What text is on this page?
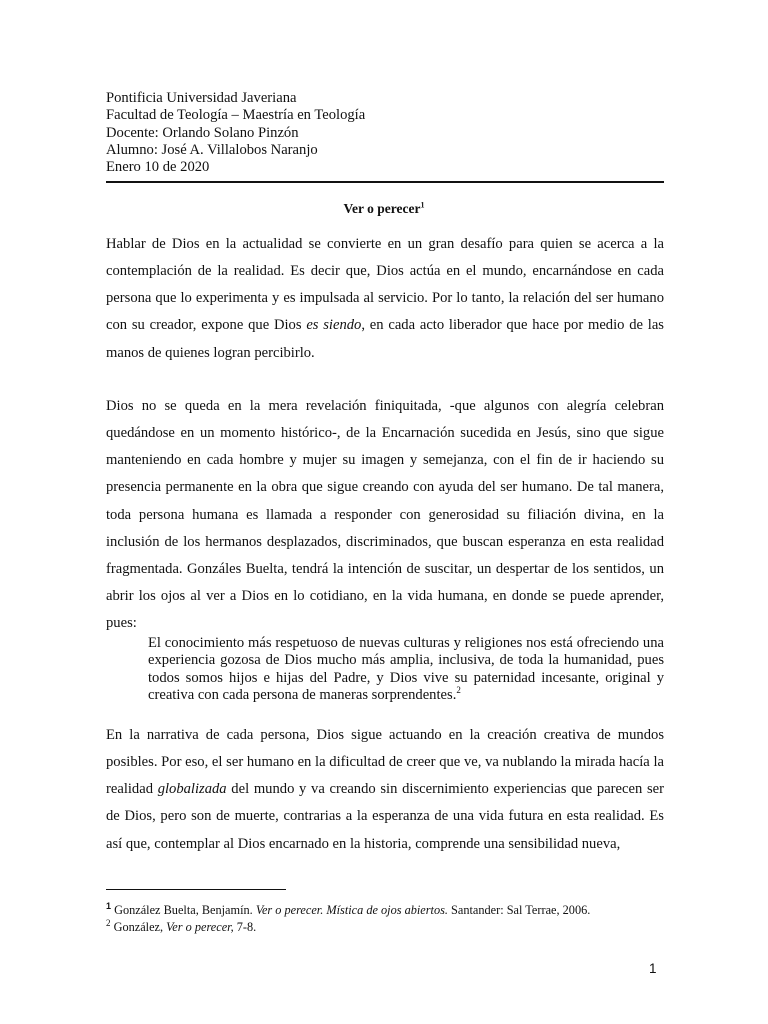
Pontificia Universidad Javeriana
Facultad de Teología – Maestría en Teología
Docente: Orlando Solano Pinzón
Alumno: José A. Villalobos Naranjo
Enero 10 de 2020
Ver o perecer$^1$

Hablar de Dios en la actualidad se convierte en un gran desafío para quien se acerca a la contemplación de la realidad. Es decir que, Dios actúa en el mundo, encarnándose en cada persona que lo experimenta y es impulsada al servicio. Por lo tanto, la relación del ser humano con su creador, expone que Dios es siendo, en cada acto liberador que hace por medio de las manos de quienes logran percibirlo.

Dios no se queda en la mera revelación finiquitada, -que algunos con alegría celebran quedándose en un momento histórico-, de la Encarnación sucedida en Jesús, sino que sigue manteniendo en cada hombre y mujer su imagen y semejanza, con el fin de ir haciendo su presencia permanente en la obra que sigue creando con ayuda del ser humano. De tal manera, toda persona humana es llamada a responder con generosidad su filiación divina, en la inclusión de los hermanos desplazados, discriminados, que buscan esperanza en esta realidad fragmentada. Gonzáles Buelta, tendrá la intención de suscitar, un despertar de los sentidos, un abrir los ojos al ver a Dios en lo cotidiano, en la vida humana, en donde se puede aprender, pues:

El conocimiento más respetuoso de nuevas culturas y religiones nos está ofreciendo una experiencia gozosa de Dios mucho más amplia, inclusiva, de toda la humanidad, pues todos somos hijos e hijas del Padre, y Dios vive su paternidad incesante, original y creativa con cada persona de maneras sorprendentes.$^2$

En la narrativa de cada persona, Dios sigue actuando en la creación creativa de mundos posibles. Por eso, el ser humano en la dificultad de creer que ve, va nublando la mirada hacía la realidad globalizada del mundo y va creando sin discernimiento experiencias que parecen ser de Dios, pero son de muerte, contrarias a la esperanza de una vida futura en esta realidad. Es así que, contemplar al Dios encarnado en la historia, comprende una sensibilidad nueva,

$^1$ González Buelta, Benjamín. Ver o perecer. Mística de ojos abiertos. Santander: Sal Terrae, 2006.
$^2$ González, Ver o perecer, 7-8.
1
